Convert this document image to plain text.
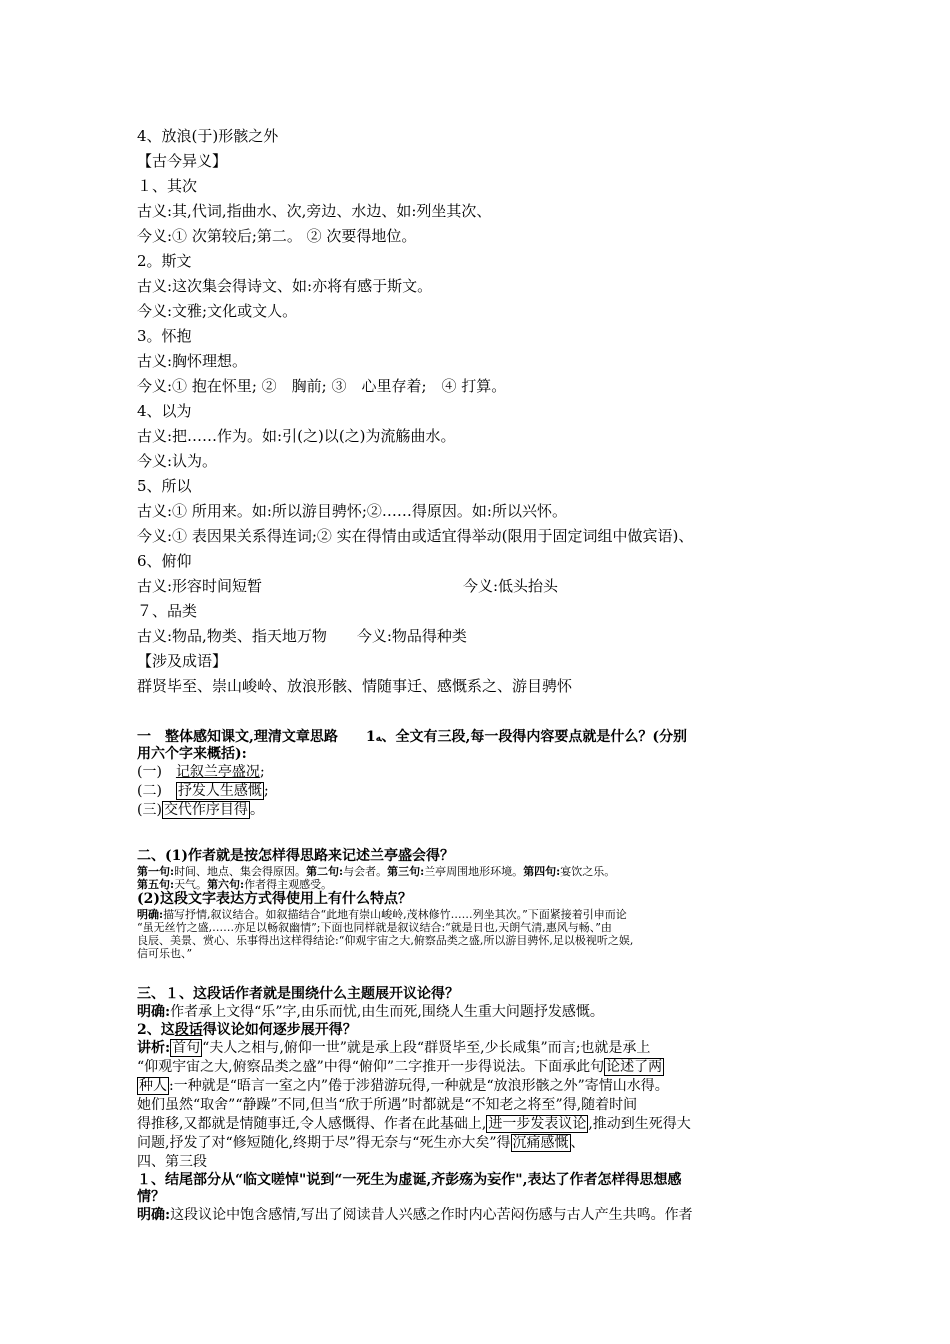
4、放浪(于)形骸之外
【古今异义】
１、其次
古义:其,代词,指曲水、次,旁边、水边、如:列坐其次、
今义:① 次第较后;第二。 ② 次要得地位。
2。斯文
古义:这次集会得诗文、如:亦将有感于斯文。
今义:文雅;文化或文人。
3。怀抱
古义:胸怀理想。
今义:① 抱在怀里; ②　胸前; ③　心里存着;　④ 打算。
4、以为
古义:把……作为。如:引(之)以(之)为流觞曲水。
今义:认为。
5、所以
古义:① 所用来。如:所以游目骋怀;②……得原因。如:所以兴怀。
今义:① 表因果关系得连词;② 实在得情由或适宜得举动(限用于固定词组中做宾语)、
6、俯仰
古义:形容时间短暂	今义:低头抬头
７、品类
古义:物品,物类、指天地万物　　今义:物品得种类
【涉及成语】
群贤毕至、崇山峻岭、放浪形骸、情随事迁、感慨系之、游目骋怀
一　整体感知课文,理清文章思路　　1ﻪ、全文有三段,每一段得内容要点就是什么？(分别
用六个字来概括):
(一)　记叙兰亭盛况;
(二)　抒发人生感慨 ;
(三) 交代作序目得 。
二、(1)作者就是按怎样得思路来记述兰亭盛会得？
第一句:时间、地点、集会得原因。第二句:与会者。第三句:兰亭周围地形环境。第四句:宴饮之乐。
第五句:天气。第六句:作者得主观感受。
(2)这段文字表达方式得使用上有什么特点？
明确:描写抒情,叙议结合。如叙描结合“此地有崇山峻岭,茂林修竹……列坐其次。”下面紧接着引申而论
“虽无丝竹之盛,……亦足以畅叙幽情”;下面也同样就是叙议结合:“就是日也,天朗气清,惠风与畅、”由
良辰、美景、赏心、乐事得出这样得结论:“仰观宇宙之大,俯察品类之盛,所以游目骋怀,足以极视听之娱,
信可乐也、”
三、１、这段话作者就是围绕什么主题展开议论得？
明确:作者承上文得“乐”字,由乐而忧,由生而死,围绕人生重大问题抒发感慨。
2、这段话得议论如何逐步展开得？
讲析: 首句 “夫人之相与,俯仰一世”就是承上段“群贤毕至,少长咸集”而言;也就是承上
“仰观宇宙之大,俯察品类之盛”中得“俯仰”二字推开一步得说法。下面承此句 论述了两
种人 :一种就是“晤言一室之内”倦于涉猎游玩得,一种就是“放浪形骸之外”寄情山水得。
她们虽然“取舍”“静躁”不同,但当“欣于所遇”时都就是“不知老之将至”得,随着时间
得推移,又都就是情随事迁,令人感慨得、作者在此基础上, 进一步发表议论 ,推动到生死得大
问题,抒发了对“修短随化,终期于尽”得无奈与“死生亦大矣”得 沉痛感慨 、
四、第三段
１、结尾部分从“临文嗟悼"说到“一死生为虚诞,齐彭殇为妄作",表达了作者怎样得思想感
情？
明确:这段议论中饱含感情,写出了阅读昔人兴感之作时内心苦闷伤感与古人产生共鸣。作者
